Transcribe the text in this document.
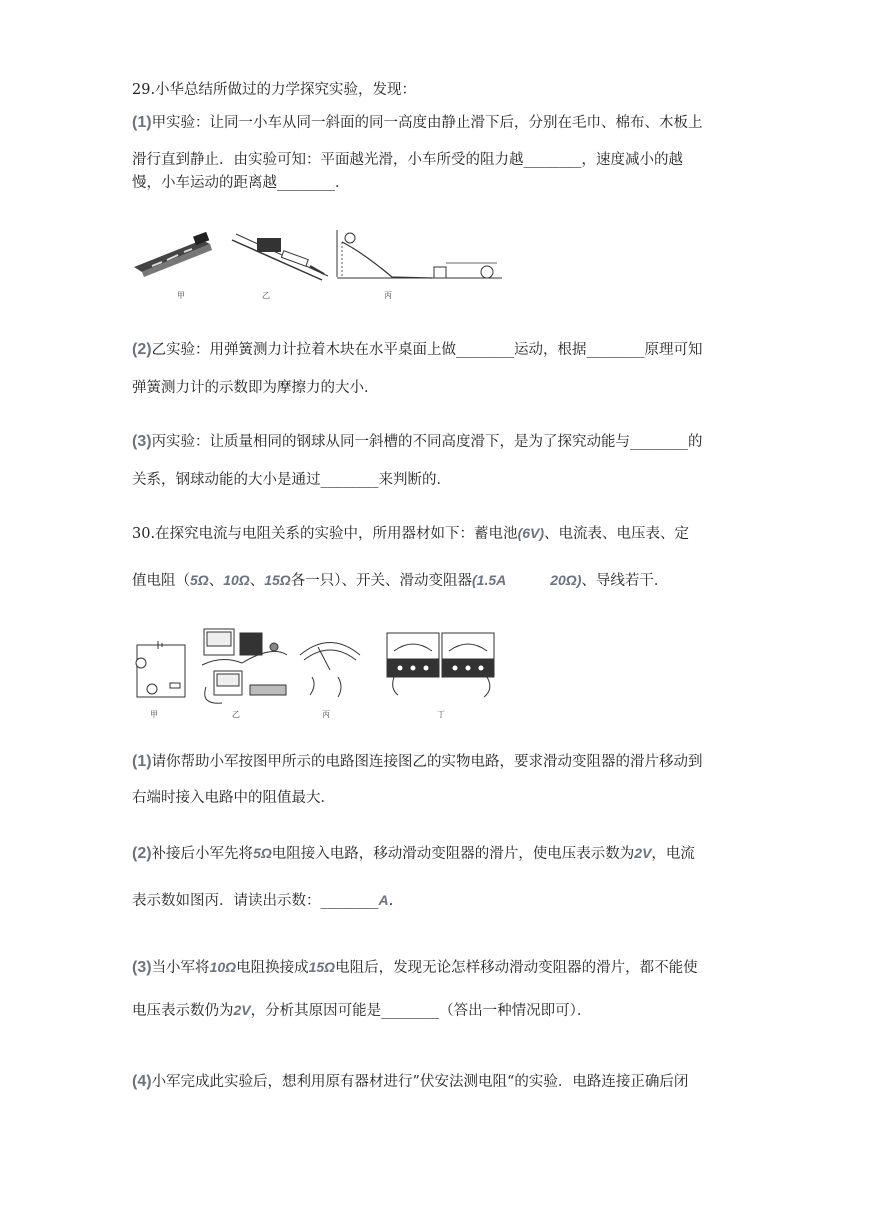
29.小华总结所做过的力学探究实验，发现：
(1)甲实验：让同一小车从同一斜面的同一高度由静止滑下后，分别在毛巾、棉布、木板上
滑行直到静止．由实验可知：平面越光滑，小车所受的阻力越________，速度减小的越
慢，小车运动的距离越________．
甲	乙	丙
(2)乙实验：用弹簧测力计拉着木块在水平桌面上做________运动，根据________原理可知
弹簧测力计的示数即为摩擦力的大小．
(3)丙实验：让质量相同的钢球从同一斜槽的不同高度滑下，是为了探究动能与________的
关系，钢球动能的大小是通过________来判断的．
30.在探究电流与电阻关系的实验中，所用器材如下：蓄电池(6V)、电流表、电压表、定
值电阻（5Ω、10Ω、15Ω各一只）、开关、滑动变阻器(1.5A	20Ω)、导线若干．
甲	乙	丙	丁
(1)请你帮助小军按图甲所示的电路图连接图乙的实物电路，要求滑动变阻器的滑片移动到
右端时接入电路中的阻值最大．
(2)补接后小军先将5Ω电阻接入电路，移动滑动变阻器的滑片，使电压表示数为2V，电流
表示数如图丙．请读出示数：________A.
(3)当小军将10Ω电阻换接成15Ω电阻后，发现无论怎样移动滑动变阻器的滑片，都不能使
电压表示数仍为2V，分析其原因可能是________（答出一种情况即可）．
(4)小军完成此实验后，想利用原有器材进行”伏安法测电阻“的实验．电路连接正确后闭
